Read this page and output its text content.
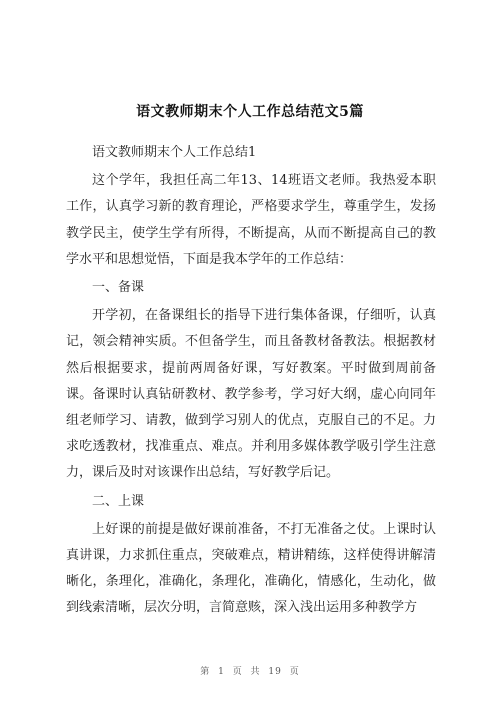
语文教师期末个人工作总结范文5篇
语文教师期末个人工作总结1

这个学年，我担任高二年13、14班语文老师。我热爱本职工作，认真学习新的教育理论，严格要求学生，尊重学生，发扬教学民主，使学生学有所得，不断提高，从而不断提高自己的教学水平和思想觉悟，下面是我本学年的工作总结：

一、备课

开学初，在备课组长的指导下进行集体备课，仔细听，认真记，领会精神实质。不但备学生，而且备教材备教法。根据教材然后根据要求，提前两周备好课，写好教案。平时做到周前备课。备课时认真钻研教材、教学参考，学习好大纲，虚心向同年组老师学习、请教，做到学习别人的优点，克服自己的不足。力求吃透教材，找准重点、难点。并利用多媒体教学吸引学生注意力，课后及时对该课作出总结，写好教学后记。

二、上课

上好课的前提是做好课前准备，不打无准备之仗。上课时认真讲课，力求抓住重点，突破难点，精讲精练，这样使得讲解清晰化，条理化，准确化，条理化，准确化，情感化，生动化，做到线索清晰，层次分明，言简意赅，深入浅出运用多种教学方

第 1 页 共 19 页
